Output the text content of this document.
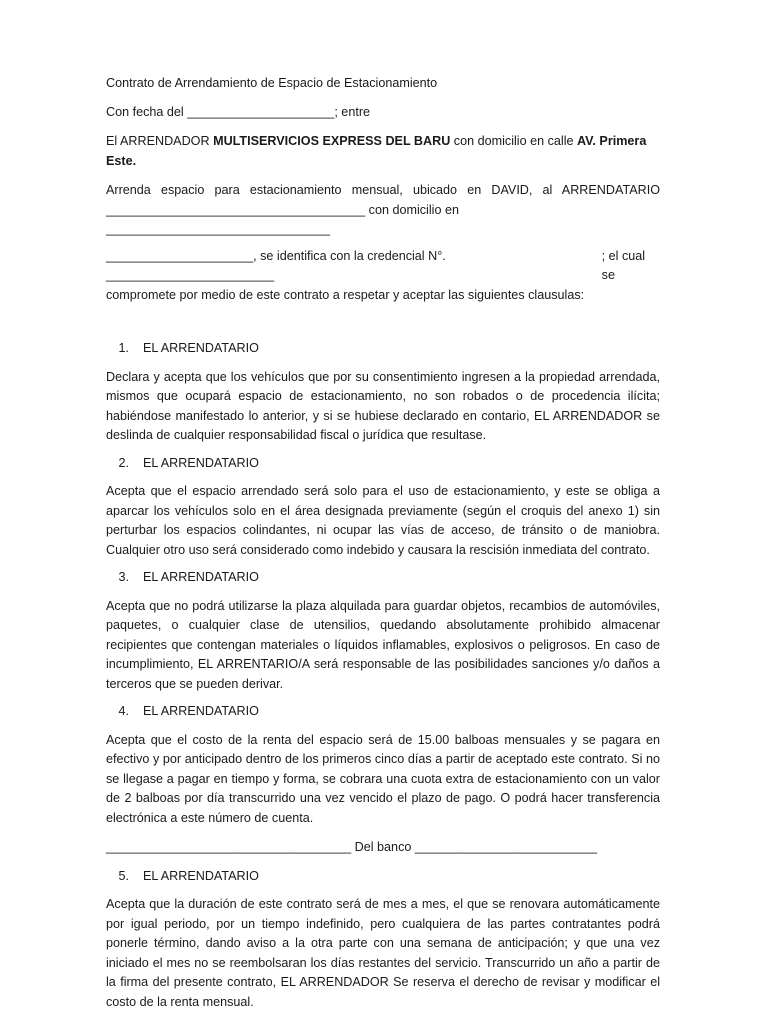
Contrato de Arrendamiento de Espacio de Estacionamiento

Con fecha del _____________________; entre

El ARRENDADOR MULTISERVICIOS EXPRESS DEL BARU con domicilio en calle AV. Primera Este.

Arrenda espacio para estacionamiento mensual, ubicado en DAVID, al ARRENDATARIO

_____________________________________ con domicilio en ________________________________

_____________________, se identifica con la credencial N°. ________________________
; el cual se

compromete por medio de este contrato a respetar y aceptar las siguientes clausulas:

1. EL ARRENDATARIO

Declara y acepta que los vehículos que por su consentimiento ingresen a la propiedad arrendada, mismos que ocupará espacio de estacionamiento, no son robados o de procedencia ilícita; habiéndose manifestado lo anterior, y si se hubiese declarado en contario, EL ARRENDADOR se deslinda de cualquier responsabilidad fiscal o jurídica que resultase.

2. EL ARRENDATARIO

Acepta que el espacio arrendado será solo para el uso de estacionamiento, y este se obliga a aparcar los vehículos solo en el área designada previamente (según el croquis del anexo 1) sin perturbar los espacios colindantes, ni ocupar las vías de acceso, de tránsito o de maniobra. Cualquier otro uso será considerado como indebido y causara la rescisión inmediata del contrato.

3. EL ARRENDATARIO

Acepta que no podrá utilizarse la plaza alquilada para guardar objetos, recambios de automóviles, paquetes, o cualquier clase de utensilios, quedando absolutamente prohibido almacenar recipientes que contengan materiales o líquidos inflamables, explosivos o peligrosos. En caso de incumplimiento, EL ARRENTARIO/A será responsable de las posibilidades sanciones y/o daños a terceros que se pueden derivar.

4. EL ARRENDATARIO

Acepta que el costo de la renta del espacio será de 15.00 balboas mensuales y se pagara en efectivo y por anticipado dentro de los primeros cinco días a partir de aceptado este contrato. Si no se llegase a pagar en tiempo y forma, se cobrara una cuota extra de estacionamiento con un valor de 2 balboas por día transcurrido una vez vencido el plazo de pago. O podrá hacer transferencia electrónica a este número de cuenta.

___________________________________ Del banco __________________________

5. EL ARRENDATARIO

Acepta que la duración de este contrato será de mes a mes, el que se renovara automáticamente por igual periodo, por un tiempo indefinido, pero cualquiera de las partes contratantes podrá ponerle término, dando aviso a la otra parte con una semana de anticipación; y que una vez iniciado el mes no se reembolsaran los días restantes del servicio. Transcurrido un año a partir de la firma del presente contrato, EL ARRENDADOR Se reserva el derecho de revisar y modificar el costo de la renta mensual.
